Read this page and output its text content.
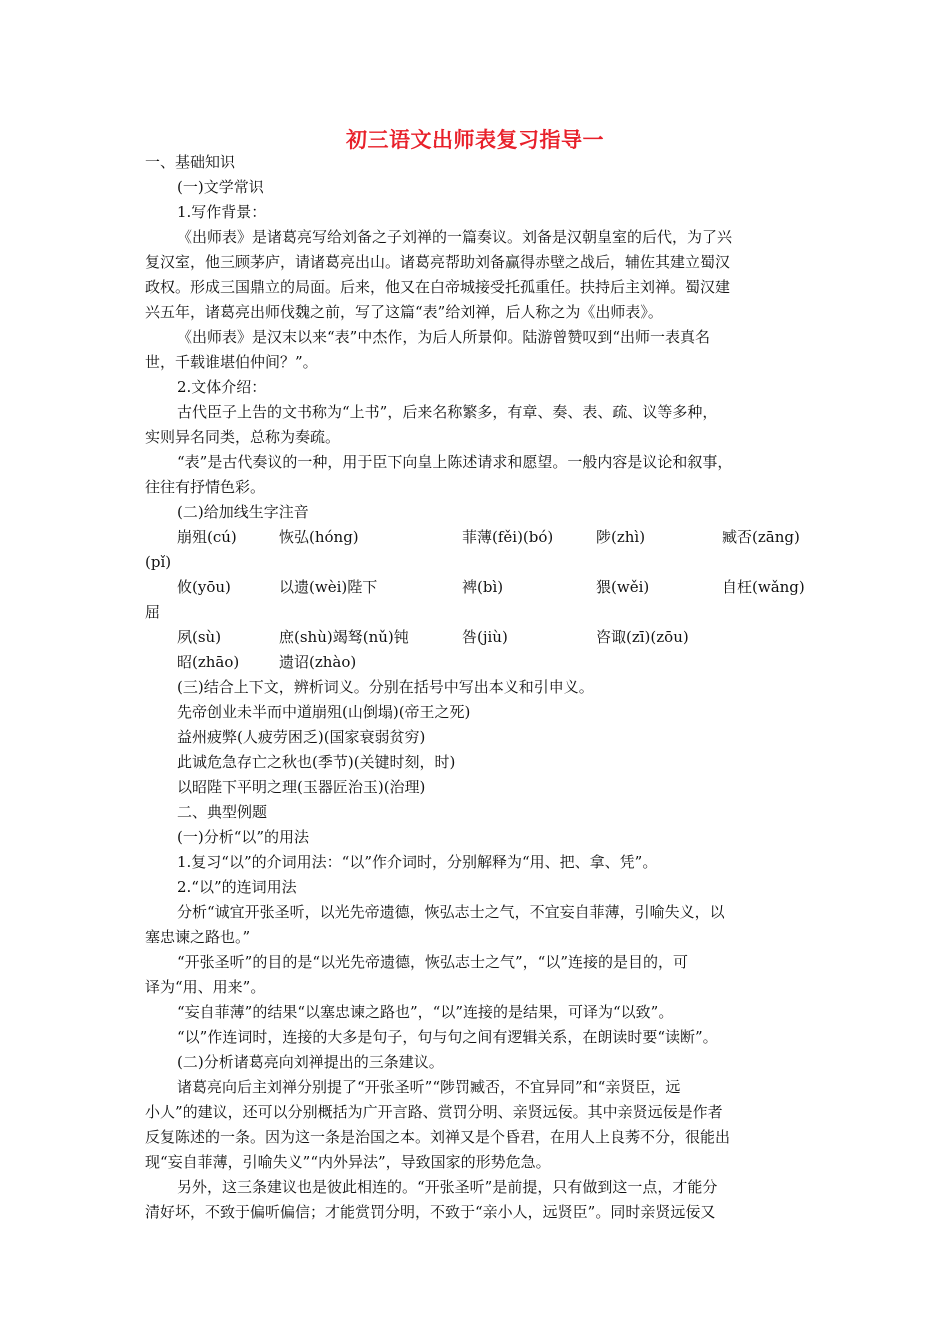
初三语文出师表复习指导一
一、基础知识
(一)文学常识
1.写作背景：
《出师表》是诸葛亮写给刘备之子刘禅的一篇奏议。刘备是汉朝皇室的后代，为了兴
复汉室，他三顾茅庐，请诸葛亮出山。诸葛亮帮助刘备赢得赤壁之战后，辅佐其建立蜀汉
政权。形成三国鼎立的局面。后来，他又在白帝城接受托孤重任。扶持后主刘禅。蜀汉建
兴五年，诸葛亮出师伐魏之前，写了这篇“表”给刘禅，后人称之为《出师表》。
《出师表》是汉末以来“表”中杰作，为后人所景仰。陆游曾赞叹到“出师一表真名
世，千载谁堪伯仲间？”。
2.文体介绍：
古代臣子上告的文书称为“上书”，后来名称繁多，有章、奏、表、疏、议等多种，
实则异名同类，总称为奏疏。
“表”是古代奏议的一种，用于臣下向皇上陈述请求和愿望。一般内容是议论和叙事，
往往有抒情色彩。
(二)给加线生字注音
崩殂(cú)	恢弘(hóng)	菲薄(fěi)(bó)	陟(zhì)	臧否(zāng)
(pǐ)
攸(yōu)	以遗(wèi)陛下	裨(bì)	猥(wěi)	自枉(wǎng)
屈
夙(sù)	庶(shù)竭驽(nǔ)钝	咎(jiù)	咨诹(zī)(zōu)
昭(zhāo)	遗诏(zhào)
(三)结合上下文，辨析词义。分别在括号中写出本义和引申义。
先帝创业未半而中道崩殂(山倒塌)(帝王之死)
益州疲弊(人疲劳困乏)(国家衰弱贫穷)
此诚危急存亡之秋也(季节)(关键时刻，时)
以昭陛下平明之理(玉器匠治玉)(治理)
二、典型例题
(一)分析“以”的用法
1.复习“以”的介词用法：“以”作介词时，分别解释为“用、把、拿、凭”。
2.“以”的连词用法
分析“诚宜开张圣听，以光先帝遗德，恢弘志士之气，不宜妄自菲薄，引喻失义，以
塞忠谏之路也。”
“开张圣听”的目的是“以光先帝遗德，恢弘志士之气”，“以”连接的是目的，可
译为“用、用来”。
“妄自菲薄”的结果“以塞忠谏之路也”，“以”连接的是结果，可译为“以致”。
“以”作连词时，连接的大多是句子，句与句之间有逻辑关系，在朗读时要“读断”。
(二)分析诸葛亮向刘禅提出的三条建议。
诸葛亮向后主刘禅分别提了“开张圣听”“陟罚臧否，不宜异同”和“亲贤臣，远
小人”的建议，还可以分别概括为广开言路、赏罚分明、亲贤远佞。其中亲贤远佞是作者
反复陈述的一条。因为这一条是治国之本。刘禅又是个昏君，在用人上良莠不分，很能出
现“妄自菲薄，引喻失义”“内外异法”，导致国家的形势危急。
另外，这三条建议也是彼此相连的。“开张圣听”是前提，只有做到这一点，才能分
清好坏，不致于偏听偏信；才能赏罚分明，不致于“亲小人，远贤臣”。同时亲贤远佞又
